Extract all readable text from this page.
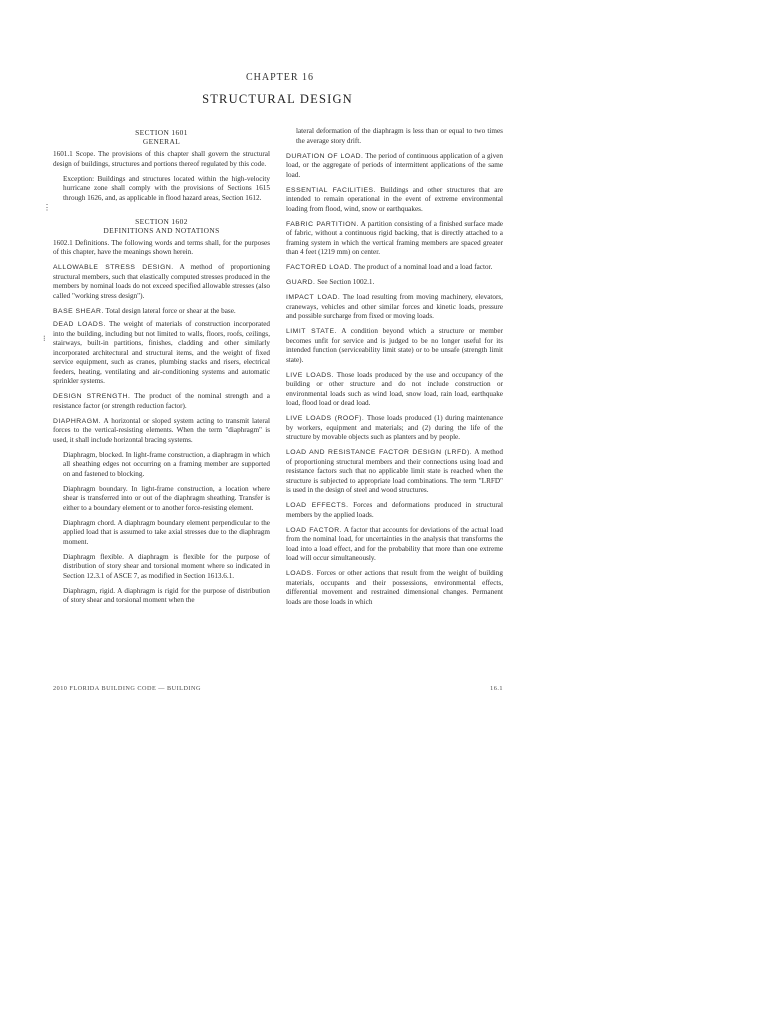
CHAPTER 16
STRUCTURAL DESIGN
SECTION 1601
GENERAL

1601.1 Scope. The provisions of this chapter shall govern the structural design of buildings, structures and portions thereof regulated by this code.

Exception: Buildings and structures located within the high-velocity hurricane zone shall comply with the provisions of Sections 1615 through 1626, and, as applicable in flood hazard areas, Section 1612.

SECTION 1602
DEFINITIONS AND NOTATIONS

1602.1 Definitions. The following words and terms shall, for the purposes of this chapter, have the meanings shown herein.

ALLOWABLE STRESS DESIGN. A method of proportioning structural members, such that elastically computed stresses produced in the members by nominal loads do not exceed specified allowable stresses (also called "working stress design").

BASE SHEAR. Total design lateral force or shear at the base.

DEAD LOADS. The weight of materials of construction incorporated into the building, including but not limited to walls, floors, roofs, ceilings, stairways, built-in partitions, finishes, cladding and other similarly incorporated architectural and structural items, and the weight of fixed service equipment, such as cranes, plumbing stacks and risers, electrical feeders, heating, ventilating and air-conditioning systems and automatic sprinkler systems.

DESIGN STRENGTH. The product of the nominal strength and a resistance factor (or strength reduction factor).

DIAPHRAGM. A horizontal or sloped system acting to transmit lateral forces to the vertical-resisting elements. When the term "diaphragm" is used, it shall include horizontal bracing systems.

Diaphragm, blocked. In light-frame construction, a diaphragm in which all sheathing edges not occurring on a framing member are supported on and fastened to blocking.

Diaphragm boundary. In light-frame construction, a location where shear is transferred into or out of the diaphragm sheathing. Transfer is either to a boundary element or to another force-resisting element.

Diaphragm chord. A diaphragm boundary element perpendicular to the applied load that is assumed to take axial stresses due to the diaphragm moment.

Diaphragm flexible. A diaphragm is flexible for the purpose of distribution of story shear and torsional moment where so indicated in Section 12.3.1 of ASCE 7, as modified in Section 1613.6.1.

Diaphragm, rigid. A diaphragm is rigid for the purpose of distribution of story shear and torsional moment when the

⋮
⁝

lateral deformation of the diaphragm is less than or equal to two times the average story drift.

DURATION OF LOAD. The period of continuous application of a given load, or the aggregate of periods of intermittent applications of the same load.

ESSENTIAL FACILITIES. Buildings and other structures that are intended to remain operational in the event of extreme environmental loading from flood, wind, snow or earthquakes.

FABRIC PARTITION. A partition consisting of a finished surface made of fabric, without a continuous rigid backing, that is directly attached to a framing system in which the vertical framing members are spaced greater than 4 feet (1219 mm) on center.

FACTORED LOAD. The product of a nominal load and a load factor.

GUARD. See Section 1002.1.

IMPACT LOAD. The load resulting from moving machinery, elevators, craneways, vehicles and other similar forces and kinetic loads, pressure and possible surcharge from fixed or moving loads.

LIMIT STATE. A condition beyond which a structure or member becomes unfit for service and is judged to be no longer useful for its intended function (serviceability limit state) or to be unsafe (strength limit state).

LIVE LOADS. Those loads produced by the use and occupancy of the building or other structure and do not include construction or environmental loads such as wind load, snow load, rain load, earthquake load, flood load or dead load.

LIVE LOADS (ROOF). Those loads produced (1) during maintenance by workers, equipment and materials; and (2) during the life of the structure by movable objects such as planters and by people.

LOAD AND RESISTANCE FACTOR DESIGN (LRFD). A method of proportioning structural members and their connections using load and resistance factors such that no applicable limit state is reached when the structure is subjected to appropriate load combinations. The term "LRFD" is used in the design of steel and wood structures.

LOAD EFFECTS. Forces and deformations produced in structural members by the applied loads.

LOAD FACTOR. A factor that accounts for deviations of the actual load from the nominal load, for uncertainties in the analysis that transforms the load into a load effect, and for the probability that more than one extreme load will occur simultaneously.

LOADS. Forces or other actions that result from the weight of building materials, occupants and their possessions, environmental effects, differential movement and restrained dimensional changes. Permanent loads are those loads in which

2010 FLORIDA BUILDING CODE — BUILDING	16.1
